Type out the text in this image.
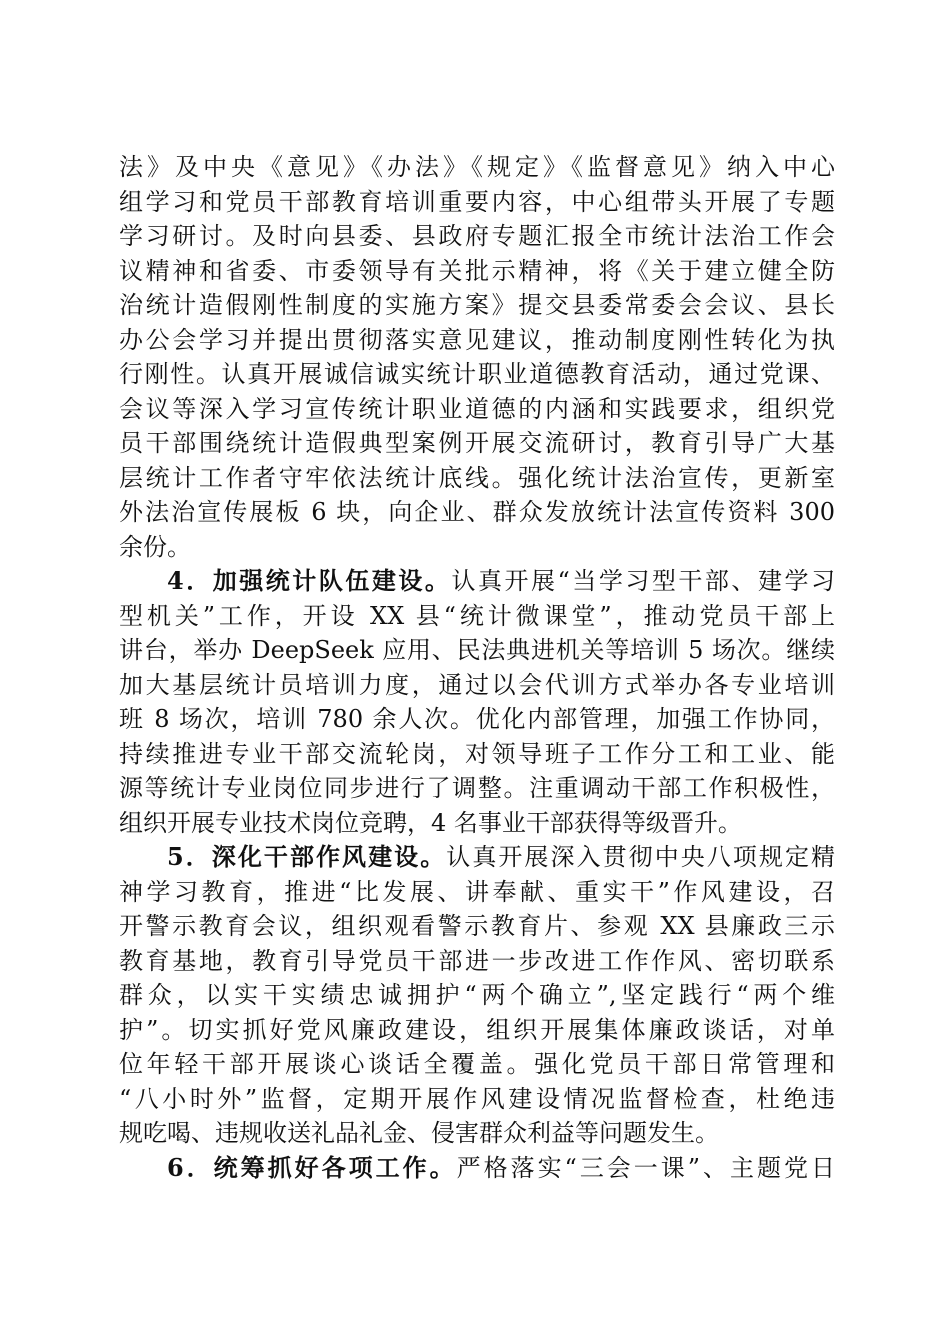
法》及中央《意见》《办法》《规定》《监督意见》纳入中心
组学习和党员干部教育培训重要内容，中心组带头开展了专题
学习研讨。及时向县委、县政府专题汇报全市统计法治工作会
议精神和省委、市委领导有关批示精神，将《关于建立健全防
治统计造假刚性制度的实施方案》提交县委常委会会议、县长
办公会学习并提出贯彻落实意见建议，推动制度刚性转化为执
行刚性。认真开展诚信诚实统计职业道德教育活动，通过党课、
会议等深入学习宣传统计职业道德的内涵和实践要求，组织党
员干部围绕统计造假典型案例开展交流研讨，教育引导广大基
层统计工作者守牢依法统计底线。强化统计法治宣传，更新室
外法治宣传展板 6 块，向企业、群众发放统计法宣传资料 300
余份。
4．加强统计队伍建设。认真开展“当学习型干部、建学习
型机关”工作，开设 XX 县“统计微课堂”，推动党员干部上
讲台，举办 DeepSeek 应用、民法典进机关等培训 5 场次。继续
加大基层统计员培训力度，通过以会代训方式举办各专业培训
班 8 场次，培训 780 余人次。优化内部管理，加强工作协同，
持续推进专业干部交流轮岗，对领导班子工作分工和工业、能
源等统计专业岗位同步进行了调整。注重调动干部工作积极性，
组织开展专业技术岗位竞聘，4 名事业干部获得等级晋升。
5．深化干部作风建设。认真开展深入贯彻中央八项规定精
神学习教育，推进“比发展、讲奉献、重实干”作风建设，召
开警示教育会议，组织观看警示教育片、参观 XX 县廉政三示
教育基地，教育引导党员干部进一步改进工作作风、密切联系
群众，以实干实绩忠诚拥护“两个确立”,坚定践行“两个维
护”。切实抓好党风廉政建设，组织开展集体廉政谈话，对单
位年轻干部开展谈心谈话全覆盖。强化党员干部日常管理和
“八小时外”监督，定期开展作风建设情况监督检查，杜绝违
规吃喝、违规收送礼品礼金、侵害群众利益等问题发生。
6．统筹抓好各项工作。严格落实“三会一课”、主题党日
